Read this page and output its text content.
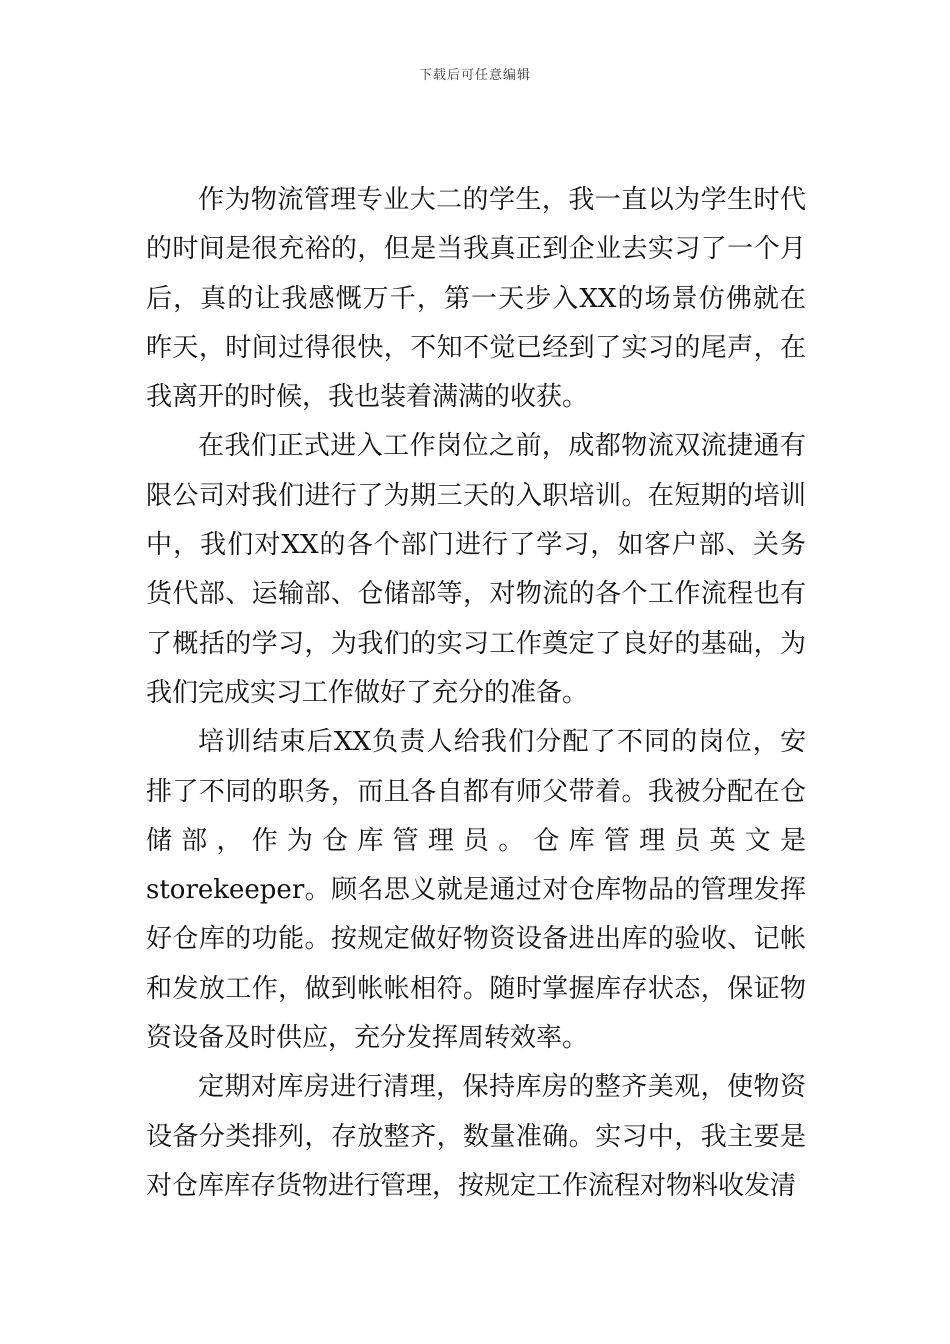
下载后可任意编辑

作为物流管理专业大二的学生，我一直以为学生时代的时间是很充裕的，但是当我真正到企业去实习了一个月后，真的让我感慨万千，第一天步入XX的场景仿佛就在昨天，时间过得很快，不知不觉已经到了实习的尾声，在我离开的时候，我也装着满满的收获。

在我们正式进入工作岗位之前，成都物流双流捷通有限公司对我们进行了为期三天的入职培训。在短期的培训中，我们对XX的各个部门进行了学习，如客户部、关务货代部、运输部、仓储部等，对物流的各个工作流程也有了概括的学习，为我们的实习工作奠定了良好的基础，为我们完成实习工作做好了充分的准备。

培训结束后XX负责人给我们分配了不同的岗位，安排了不同的职务，而且各自都有师父带着。我被分配在仓储部，作为仓库管理员。仓库管理员英文是storekeeper。顾名思义就是通过对仓库物品的管理发挥好仓库的功能。按规定做好物资设备进出库的验收、记帐和发放工作，做到帐帐相符。随时掌握库存状态，保证物资设备及时供应，充分发挥周转效率。

定期对库房进行清理，保持库房的整齐美观，使物资设备分类排列，存放整齐，数量准确。实习中，我主要是对仓库库存货物进行管理，按规定工作流程对物料收发清
